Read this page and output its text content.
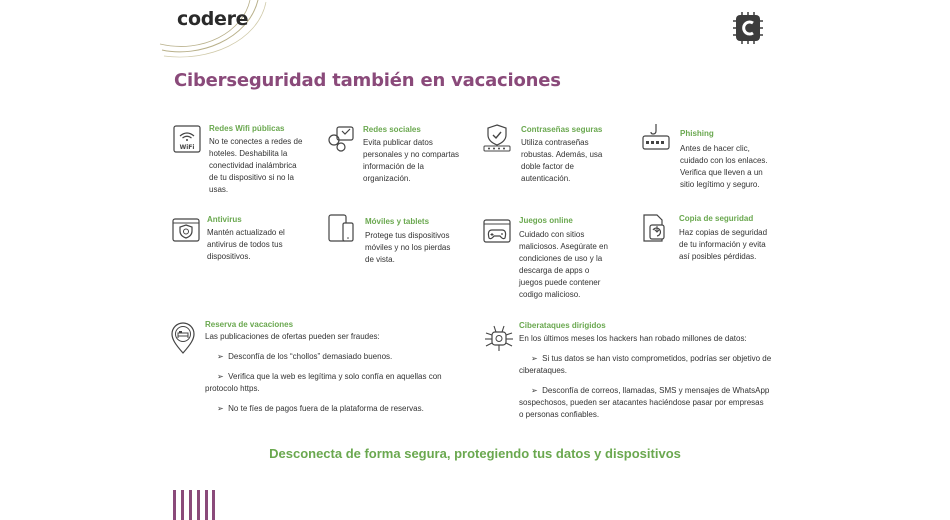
codere
Ciberseguridad también en vacaciones
WiFi
Redes Wifi públicas
No te conectes a redes de
hoteles. Deshabilita la
conectividad inalámbrica
de tu dispositivo si no la
usas.
Redes sociales
Evita publicar datos
personales y no compartas
información de la
organización.
Contraseñas seguras
Utiliza contraseñas
robustas. Además, usa
doble factor de
autenticación.
Phishing
Antes de hacer clic,
cuidado con los enlaces.
Verifica que lleven a un
sitio legítimo y seguro.
Antivirus
Mantén actualizado el
antivirus de todos tus
dispositivos.
Móviles y tablets
Protege tus dispositivos
móviles y no los pierdas
de vista.
Juegos online
Cuidado con sitios
maliciosos. Asegúrate en
condiciones de uso y la
descarga de apps o
juegos puede contener
codigo malicioso.
Copia de seguridad
Haz copias de seguridad
de tu información y evita
así posibles pérdidas.
Reserva de vacaciones
Las publicaciones de ofertas pueden ser fraudes:
➢ Desconfía de los “chollos” demasiado buenos.
➢ Verifica que la web es legítima y solo confía en aquellas con
protocolo https.
➢ No te fíes de pagos fuera de la plataforma de reservas.
Ciberataques dirigidos
En los últimos meses los hackers han robado millones de datos:
➢ Si tus datos se han visto comprometidos, podrías ser objetivo de
ciberataques.
➢ Desconfía de correos, llamadas, SMS y mensajes de WhatsApp
sospechosos, pueden ser atacantes haciéndose pasar por empresas
o personas confiables.
Desconecta de forma segura, protegiendo tus datos y dispositivos
